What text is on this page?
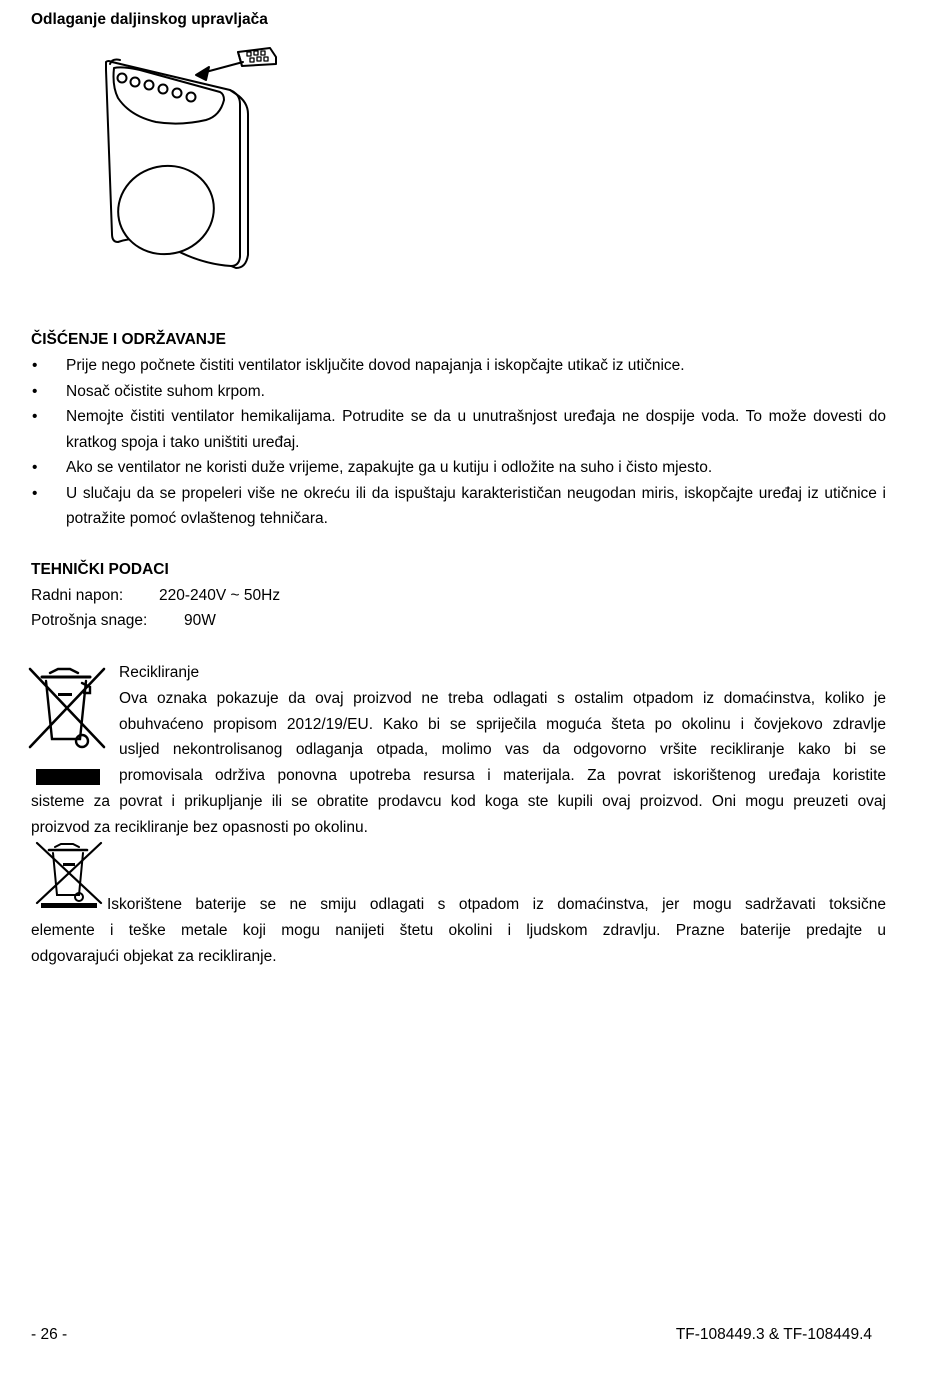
Odlaganje daljinskog upravljača
ČIŠĆENJE I ODRŽAVANJE
• Prije nego počnete čistiti ventilator isključite dovod napajanja i iskopčajte utikač iz utičnice.
• Nosač očistite suhom krpom.
• Nemojte čistiti ventilator hemikalijama. Potrudite se da u unutrašnjost uređaja ne dospije voda. To može dovesti do kratkog spoja i tako uništiti uređaj.
• Ako se ventilator ne koristi duže vrijeme, zapakujte ga u kutiju i odložite na suho i čisto mjesto.
• U slučaju da se propeleri više ne okreću ili da ispuštaju karakterističan neugodan miris, iskopčajte uređaj iz utičnice i potražite pomoć ovlaštenog tehničara.
TEHNIČKI PODACI
Radni napon: 220-240V ~ 50Hz
Potrošnja snage: 90W
Recikliranje
Ova oznaka pokazuje da ovaj proizvod ne treba odlagati s ostalim otpadom iz domaćinstva, koliko je
obuhvaćeno propisom 2012/19/EU. Kako bi se spriječila moguća šteta po okolinu i čovjekovo zdravlje
usljed nekontrolisanog odlaganja otpada, molimo vas da odgovorno vršite recikliranje kako bi se
promovisala održiva ponovna upotreba resursa i materijala. Za povrat iskorištenog uređaja koristite
sisteme za povrat i prikupljanje ili se obratite prodavcu kod koga ste kupili ovaj proizvod. Oni mogu preuzeti ovaj
proizvod za recikliranje bez opasnosti po okolinu.
Iskorištene baterije se ne smiju odlagati s otpadom iz domaćinstva, jer mogu sadržavati toksične
elemente i teške metale koji mogu nanijeti štetu okolini i ljudskom zdravlju. Prazne baterije predajte u
odgovarajući objekat za recikliranje.
- 26 -	TF-108449.3 & TF-108449.4
